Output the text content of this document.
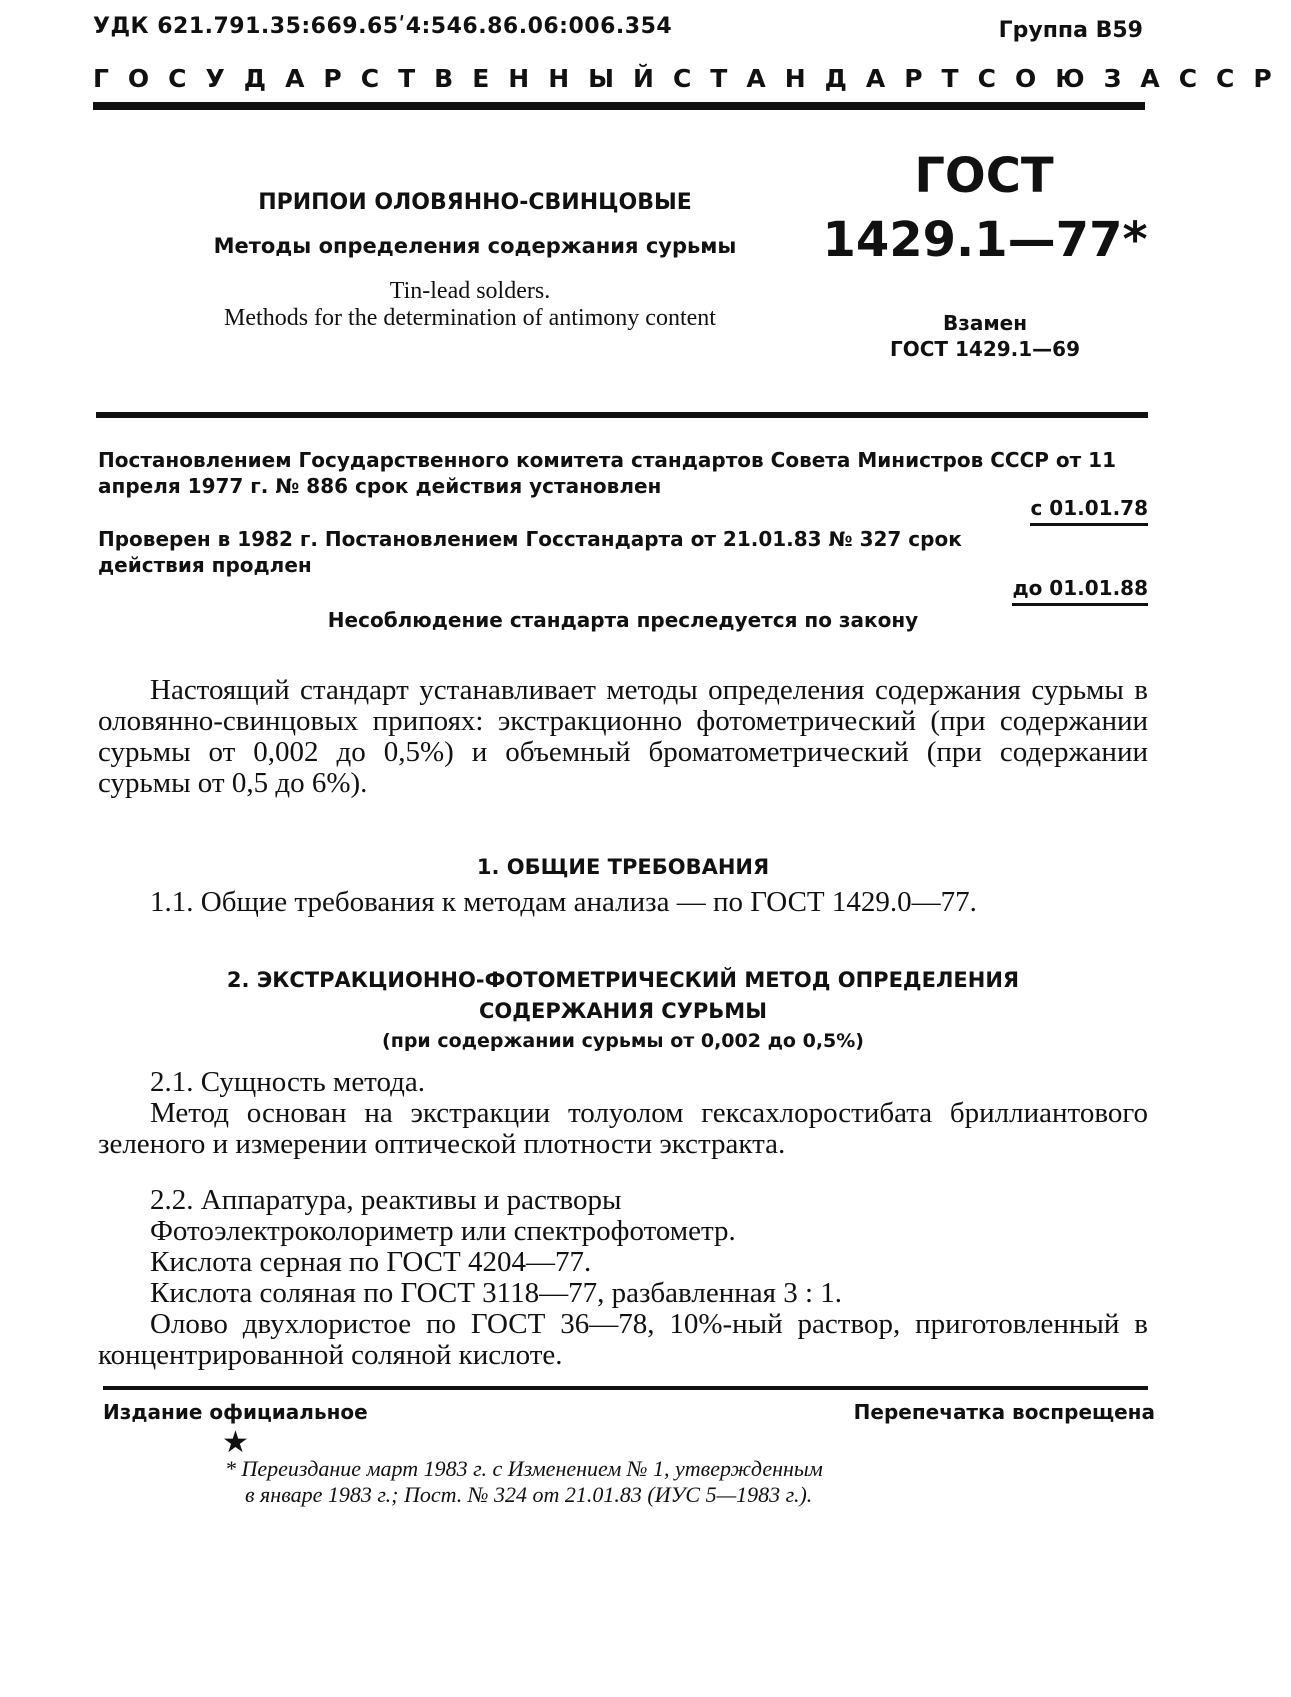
УДК 621.791.35:669.65ʹ4:546.86.06:006.354	Группа В59
ГОСУДАРСТВЕННЫЙ СТАНДАРТ СОЮЗА ССР
ПРИПОИ ОЛОВЯННО-СВИНЦОВЫЕ
Методы определения содержания сурьмы
Tin-lead solders.
Methods for the determination of antimony content
ГОСТ
1429.1—77*
Взамен
ГОСТ 1429.1—69
Постановлением Государственного комитета стандартов Совета Министров СССР от 11 апреля 1977 г. № 886 срок действия установлен
с 01.01.78
Проверен в 1982 г. Постановлением Госстандарта от 21.01.83 № 327 срок действия продлен
до 01.01.88
Несоблюдение стандарта преследуется по закону
Настоящий стандарт устанавливает методы определения содержания сурьмы в оловянно-свинцовых припоях: экстракционно фотометрический (при содержании сурьмы от 0,002 до 0,5%) и объемный броматометрический (при содержании сурьмы от 0,5 до 6%).
1. ОБЩИЕ ТРЕБОВАНИЯ
1.1. Общие требования к методам анализа — по ГОСТ 1429.0—77.
2. ЭКСТРАКЦИОННО-ФОТОМЕТРИЧЕСКИЙ МЕТОД ОПРЕДЕЛЕНИЯ
СОДЕРЖАНИЯ СУРЬМЫ
(при содержании сурьмы от 0,002 до 0,5%)
2.1. Сущность метода.
Метод основан на экстракции толуолом гексахлоростибата бриллиантового зеленого и измерении оптической плотности экстракта.
2.2. Аппаратура, реактивы и растворы
Фотоэлектроколориметр или спектрофотометр.
Кислота серная по ГОСТ 4204—77.
Кислота соляная по ГОСТ 3118—77, разбавленная 3 : 1.
Олово двухлористое по ГОСТ 36—78, 10%-ный раствор, приготовленный в концентрированной соляной кислоте.
Издание официальное	Перепечатка воспрещена
★
* Переиздание март 1983 г. с Изменением № 1, утвержденным
в январе 1983 г.; Пост. № 324 от 21.01.83 (ИУС 5—1983 г.).
